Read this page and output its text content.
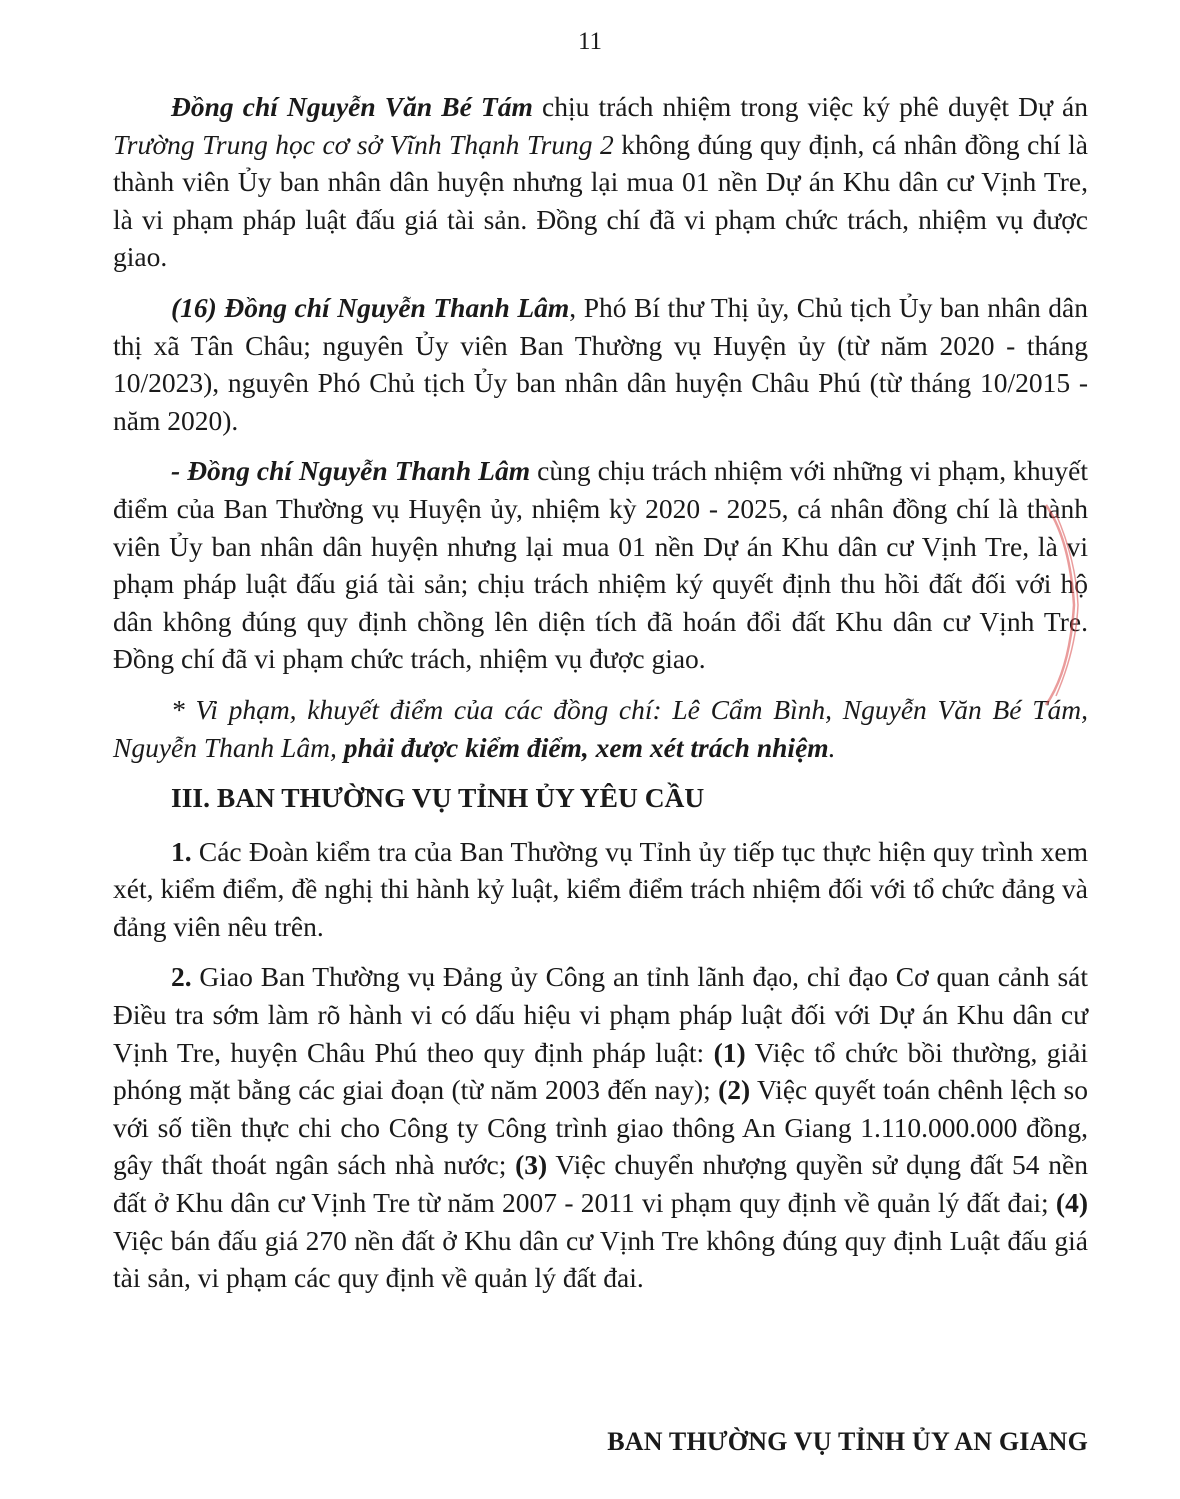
11

Đồng chí Nguyễn Văn Bé Tám chịu trách nhiệm trong việc ký phê duyệt Dự án Trường Trung học cơ sở Vĩnh Thạnh Trung 2 không đúng quy định, cá nhân đồng chí là thành viên Ủy ban nhân dân huyện nhưng lại mua 01 nền Dự án Khu dân cư Vịnh Tre, là vi phạm pháp luật đấu giá tài sản. Đồng chí đã vi phạm chức trách, nhiệm vụ được giao.

(16) Đồng chí Nguyễn Thanh Lâm, Phó Bí thư Thị ủy, Chủ tịch Ủy ban nhân dân thị xã Tân Châu; nguyên Ủy viên Ban Thường vụ Huyện ủy (từ năm 2020 - tháng 10/2023), nguyên Phó Chủ tịch Ủy ban nhân dân huyện Châu Phú (từ tháng 10/2015 - năm 2020).

- Đồng chí Nguyễn Thanh Lâm cùng chịu trách nhiệm với những vi phạm, khuyết điểm của Ban Thường vụ Huyện ủy, nhiệm kỳ 2020 - 2025, cá nhân đồng chí là thành viên Ủy ban nhân dân huyện nhưng lại mua 01 nền Dự án Khu dân cư Vịnh Tre, là vi phạm pháp luật đấu giá tài sản; chịu trách nhiệm ký quyết định thu hồi đất đối với hộ dân không đúng quy định chồng lên diện tích đã hoán đổi đất Khu dân cư Vịnh Tre. Đồng chí đã vi phạm chức trách, nhiệm vụ được giao.

* Vi phạm, khuyết điểm của các đồng chí: Lê Cẩm Bình, Nguyễn Văn Bé Tám, Nguyễn Thanh Lâm, phải được kiểm điểm, xem xét trách nhiệm.

III. BAN THƯỜNG VỤ TỈNH ỦY YÊU CẦU

1. Các Đoàn kiểm tra của Ban Thường vụ Tỉnh ủy tiếp tục thực hiện quy trình xem xét, kiểm điểm, đề nghị thi hành kỷ luật, kiểm điểm trách nhiệm đối với tổ chức đảng và đảng viên nêu trên.

2. Giao Ban Thường vụ Đảng ủy Công an tỉnh lãnh đạo, chỉ đạo Cơ quan cảnh sát Điều tra sớm làm rõ hành vi có dấu hiệu vi phạm pháp luật đối với Dự án Khu dân cư Vịnh Tre, huyện Châu Phú theo quy định pháp luật: (1) Việc tổ chức bồi thường, giải phóng mặt bằng các giai đoạn (từ năm 2003 đến nay); (2) Việc quyết toán chênh lệch so với số tiền thực chi cho Công ty Công trình giao thông An Giang 1.110.000.000 đồng, gây thất thoát ngân sách nhà nước; (3) Việc chuyển nhượng quyền sử dụng đất 54 nền đất ở Khu dân cư Vịnh Tre từ năm 2007 - 2011 vi phạm quy định về quản lý đất đai; (4) Việc bán đấu giá 270 nền đất ở Khu dân cư Vịnh Tre không đúng quy định Luật đấu giá tài sản, vi phạm các quy định về quản lý đất đai.

BAN THƯỜNG VỤ TỈNH ỦY AN GIANG
